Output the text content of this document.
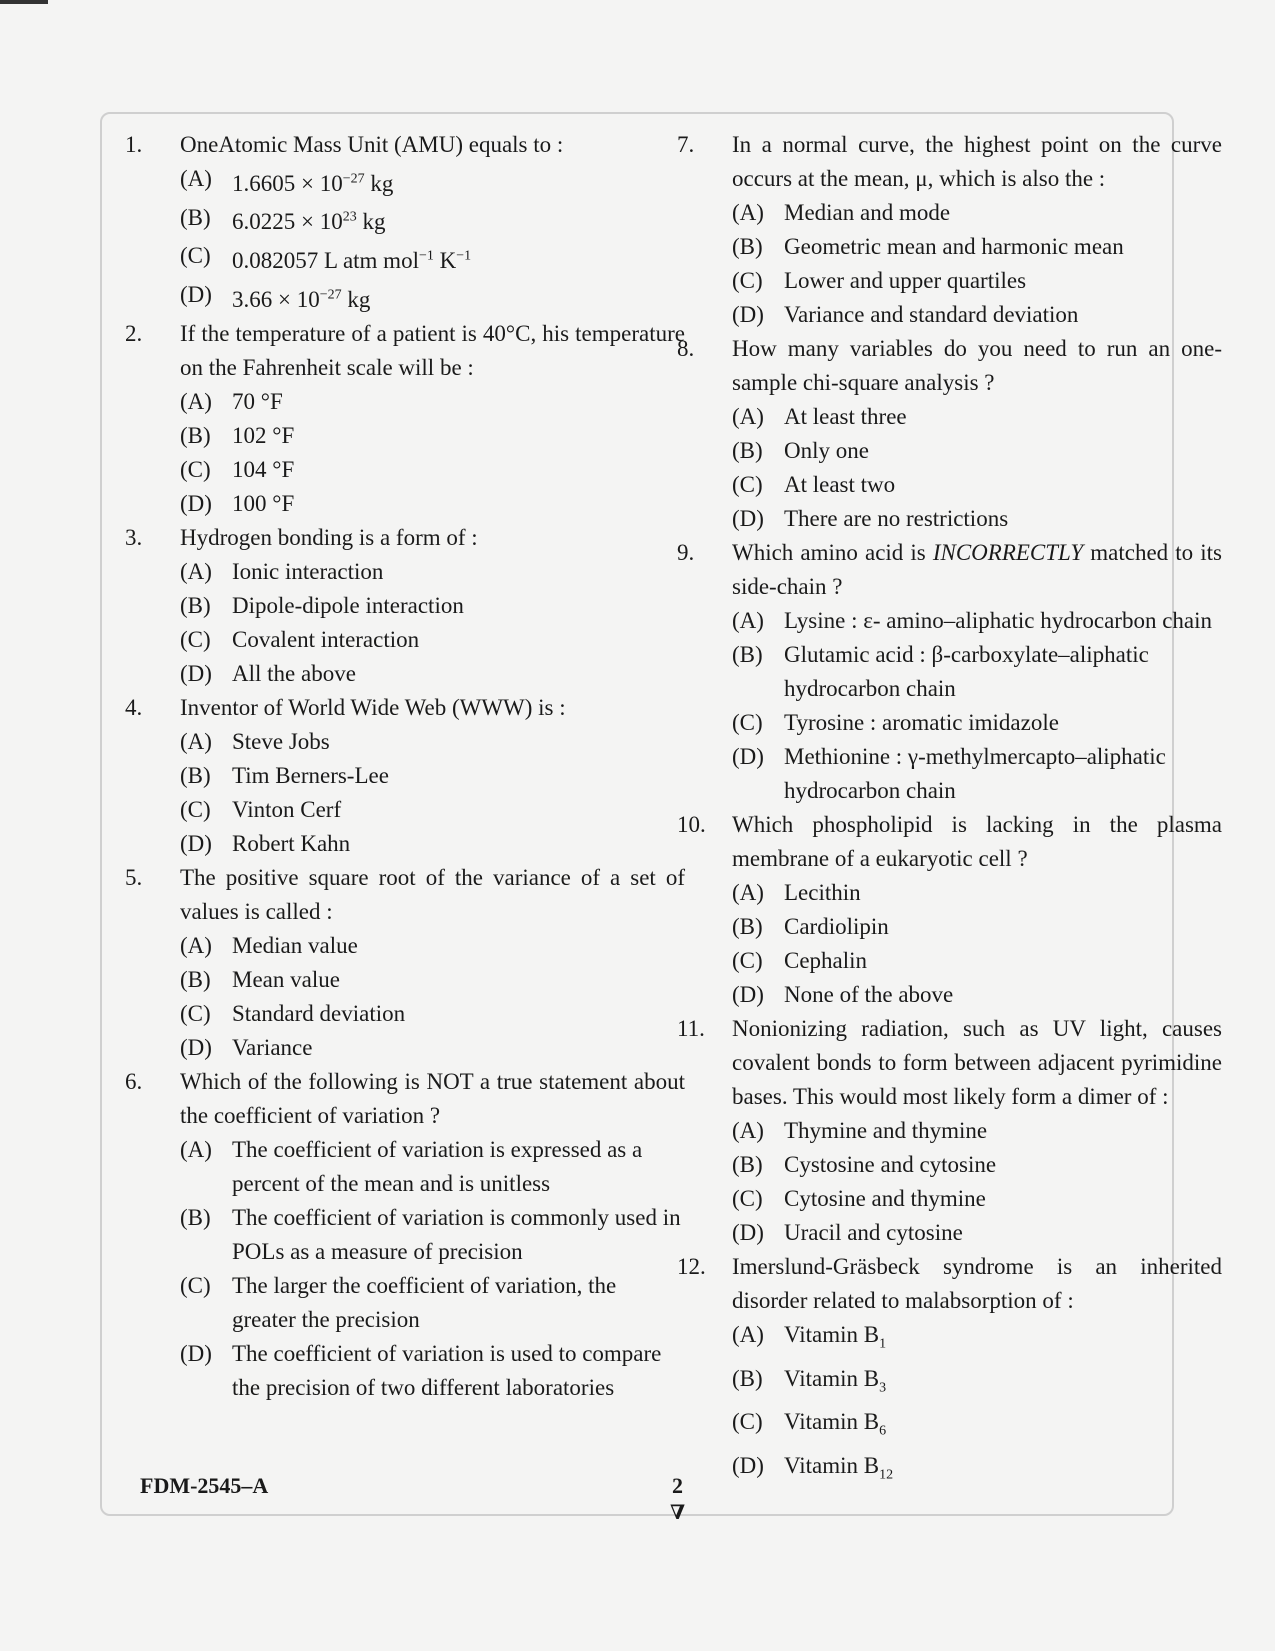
1. OneAtomic Mass Unit (AMU) equals to :
(A) $1.6605 \times 10^{-27}$ kg
(B) $6.0225 \times 10^{23}$ kg
(C) 0.082057 L atm mol$^{-1}$ $K^{-1}$
(D) $3.66 \times 10^{-27}$ kg
2. If the temperature of a patient is 40°C, his temperature on the Fahrenheit scale will be :
(A) 70 °F
(B) 102 °F
(C) 104 °F
(D) 100 °F
3. Hydrogen bonding is a form of :
(A) Ionic interaction
(B) Dipole-dipole interaction
(C) Covalent interaction
(D) All the above
4. Inventor of World Wide Web (WWW) is :
(A) Steve Jobs
(B) Tim Berners-Lee
(C) Vinton Cerf
(D) Robert Kahn
5. The positive square root of the variance of a set of values is called :
(A) Median value
(B) Mean value
(C) Standard deviation
(D) Variance
6. Which of the following is NOT a true statement about the coefficient of variation ?
(A) The coefficient of variation is expressed as a percent of the mean and is unitless
(B) The coefficient of variation is commonly used in POLs as a measure of precision
(C) The larger the coefficient of variation, the greater the precision
(D) The coefficient of variation is used to compare the precision of two different laboratories
7. In a normal curve, the highest point on the curve occurs at the mean, μ, which is also the :
(A) Median and mode
(B) Geometric mean and harmonic mean
(C) Lower and upper quartiles
(D) Variance and standard deviation
8. How many variables do you need to run an one-sample chi-square analysis ?
(A) At least three
(B) Only one
(C) At least two
(D) There are no restrictions
9. Which amino acid is INCORRECTLY matched to its side-chain ?
(A) Lysine : ε- amino–aliphatic hydrocarbon chain
(B) Glutamic acid : β-carboxylate–aliphatic hydrocarbon chain
(C) Tyrosine : aromatic imidazole
(D) Methionine : γ-methylmercapto–aliphatic hydrocarbon chain
10. Which phospholipid is lacking in the plasma membrane of a eukaryotic cell ?
(A) Lecithin
(B) Cardiolipin
(C) Cephalin
(D) None of the above
11. Nonionizing radiation, such as UV light, causes covalent bonds to form between adjacent pyrimidine bases. This would most likely form a dimer of :
(A) Thymine and thymine
(B) Cystosine and cytosine
(C) Cytosine and thymine
(D) Uracil and cytosine
12. Imerslund-Gräsbeck syndrome is an inherited disorder related to malabsorption of :
(A) Vitamin $B_1$
(B) Vitamin $B_3$
(C) Vitamin $B_6$
(D) Vitamin $B_{12}$
FDM-2545–A	2
∇
